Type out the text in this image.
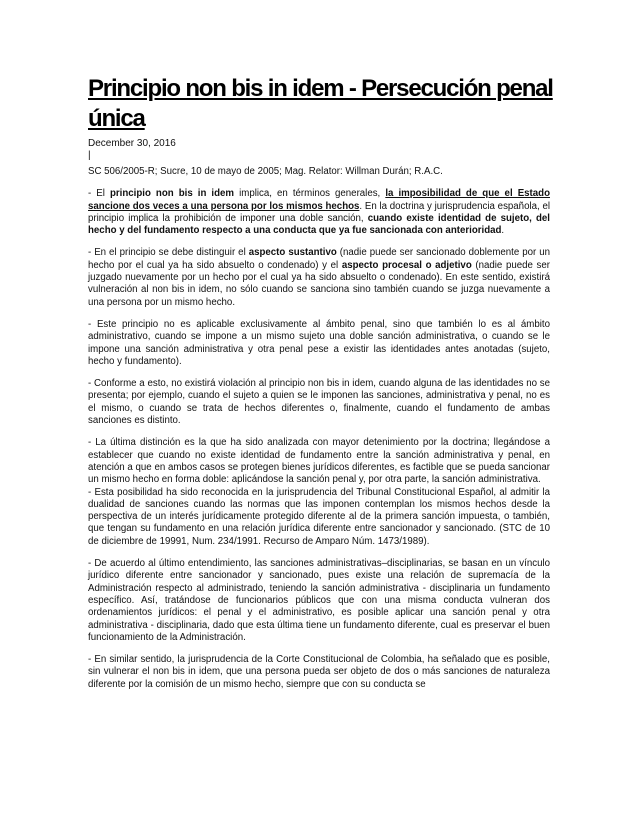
Principio non bis in idem - Persecución penal única
December 30, 2016
|

SC 506/2005-R; Sucre, 10 de mayo de 2005; Mag. Relator: Willman Durán; R.A.C.

- El principio non bis in idem implica, en términos generales, la imposibilidad de que el Estado sancione dos veces a una persona por los mismos hechos. En la doctrina y jurisprudencia española, el principio implica la prohibición de imponer una doble sanción, cuando existe identidad de sujeto, del hecho y del fundamento respecto a una conducta que ya fue sancionada con anterioridad.

- En el principio se debe distinguir el aspecto sustantivo (nadie puede ser sancionado doblemente por un hecho por el cual ya ha sido absuelto o condenado) y el aspecto procesal o adjetivo (nadie puede ser juzgado nuevamente por un hecho por el cual ya ha sido absuelto o condenado). En este sentido, existirá vulneración al non bis in idem, no sólo cuando se sanciona sino también cuando se juzga nuevamente a una persona por un mismo hecho.

- Este principio no es aplicable exclusivamente al ámbito penal, sino que también lo es al ámbito administrativo, cuando se impone a un mismo sujeto una doble sanción administrativa, o cuando se le impone una sanción administrativa y otra penal pese a existir las identidades antes anotadas (sujeto, hecho y fundamento).

- Conforme a esto, no existirá violación al principio non bis in idem, cuando alguna de las identidades no se presenta; por ejemplo, cuando el sujeto a quien se le imponen las sanciones, administrativa y penal, no es el mismo, o cuando se trata de hechos diferentes o, finalmente, cuando el fundamento de ambas sanciones es distinto.

- La última distinción es la que ha sido analizada con mayor detenimiento por la doctrina; llegándose a establecer que cuando no existe identidad de fundamento entre la sanción administrativa y penal, en atención a que en ambos casos se protegen bienes jurídicos diferentes, es factible que se pueda sancionar un mismo hecho en forma doble: aplicándose la sanción penal y, por otra parte, la sanción administrativa.

- Esta posibilidad ha sido reconocida en la jurisprudencia del Tribunal Constitucional Español, al admitir la dualidad de sanciones cuando las normas que las imponen contemplan los mismos hechos desde la perspectiva de un interés jurídicamente protegido diferente al de la primera sanción impuesta, o también, que tengan su fundamento en una relación jurídica diferente entre sancionador y sancionado. (STC de 10 de diciembre de 19991, Num. 234/1991. Recurso de Amparo Núm. 1473/1989).

- De acuerdo al último entendimiento, las sanciones administrativas–disciplinarias, se basan en un vínculo jurídico diferente entre sancionador y sancionado, pues existe una relación de supremacía de la Administración respecto al administrado, teniendo la sanción administrativa - disciplinaria un fundamento específico. Así, tratándose de funcionarios públicos que con una misma conducta vulneran dos ordenamientos jurídicos: el penal y el administrativo, es posible aplicar una sanción penal y otra administrativa - disciplinaria, dado que esta última tiene un fundamento diferente, cual es preservar el buen funcionamiento de la Administración.

- En similar sentido, la jurisprudencia de la Corte Constitucional de Colombia, ha señalado que es posible, sin vulnerar el non bis in idem, que una persona pueda ser objeto de dos o más sanciones de naturaleza diferente por la comisión de un mismo hecho, siempre que con su conducta se
